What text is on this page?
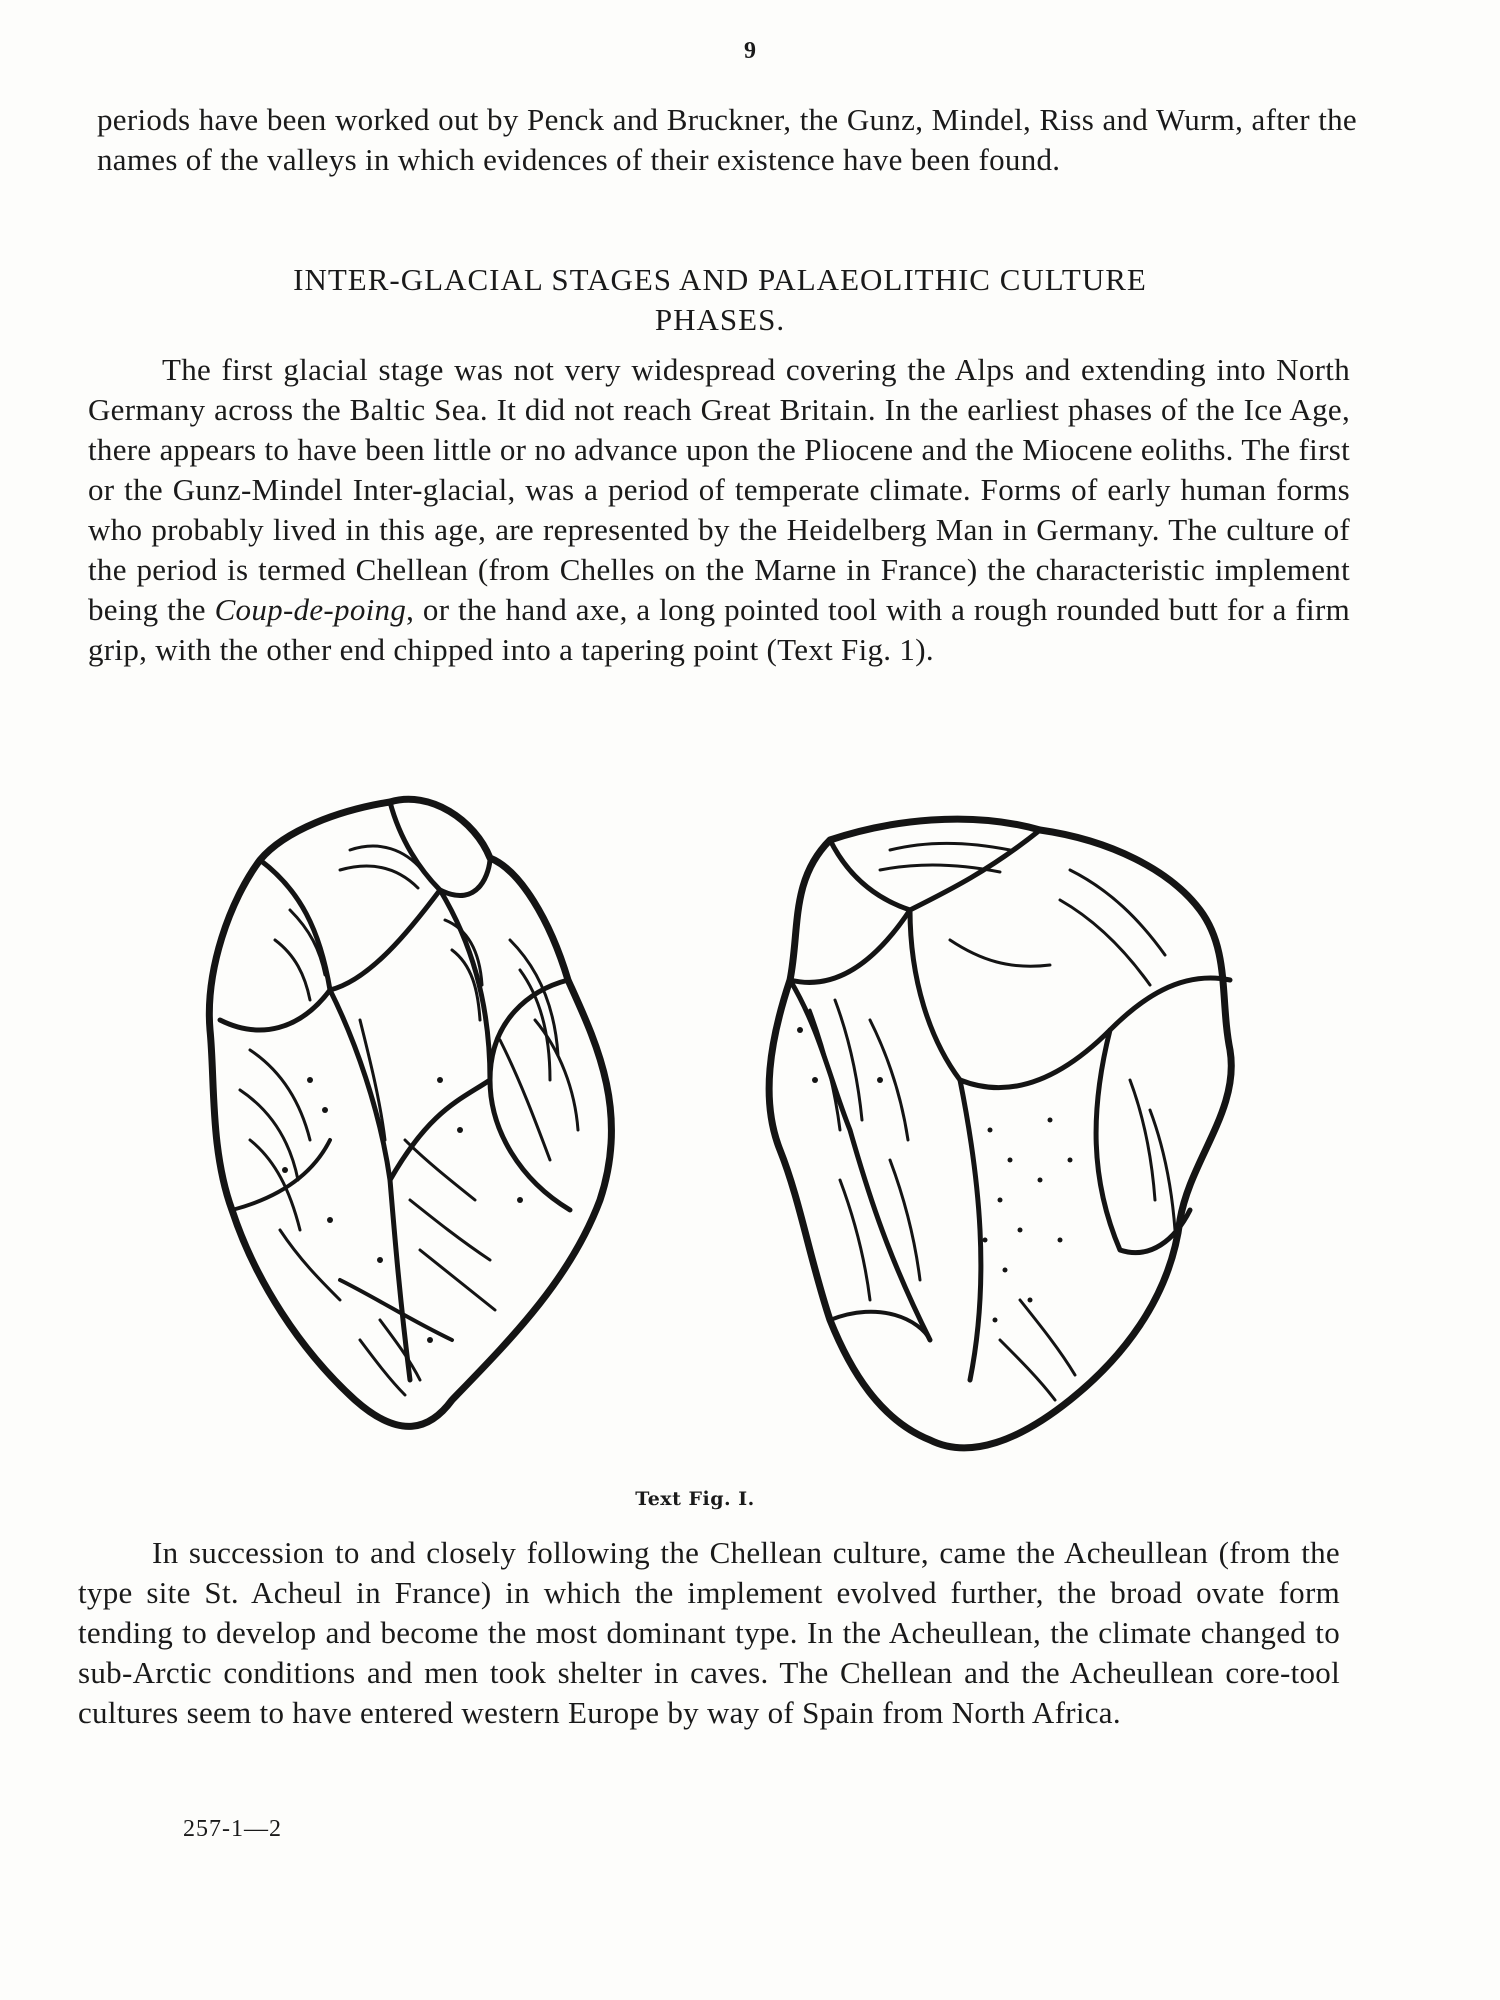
9

periods have been worked out by Penck and Bruckner, the Gunz, Mindel, Riss and Wurm, after the names of the valleys in which evidences of their existence have been found.

INTER-GLACIAL STAGES AND PALAEOLITHIC CULTURE
PHASES.

The first glacial stage was not very widespread covering the Alps and extending into North Germany across the Baltic Sea. It did not reach Great Britain. In the earliest phases of the Ice Age, there appears to have been little or no advance upon the Pliocene and the Miocene eoliths. The first or the Gunz-Mindel Inter-glacial, was a period of temperate climate. Forms of early human forms who probably lived in this age, are represented by the Heidelberg Man in Germany. The culture of the period is termed Chellean (from Chelles on the Marne in France) the characteristic implement being the Coup-de-poing, or the hand axe, a long pointed tool with a rough rounded butt for a firm grip, with the other end chipped into a tapering point (Text Fig. 1).

Text Fig. I.

In succession to and closely following the Chellean culture, came the Acheullean (from the type site St. Acheul in France) in which the implement evolved further, the broad ovate form tending to develop and become the most dominant type. In the Acheullean, the climate changed to sub-Arctic conditions and men took shelter in caves. The Chellean and the Acheullean core-tool cultures seem to have entered western Europe by way of Spain from North Africa.

257-1—2
